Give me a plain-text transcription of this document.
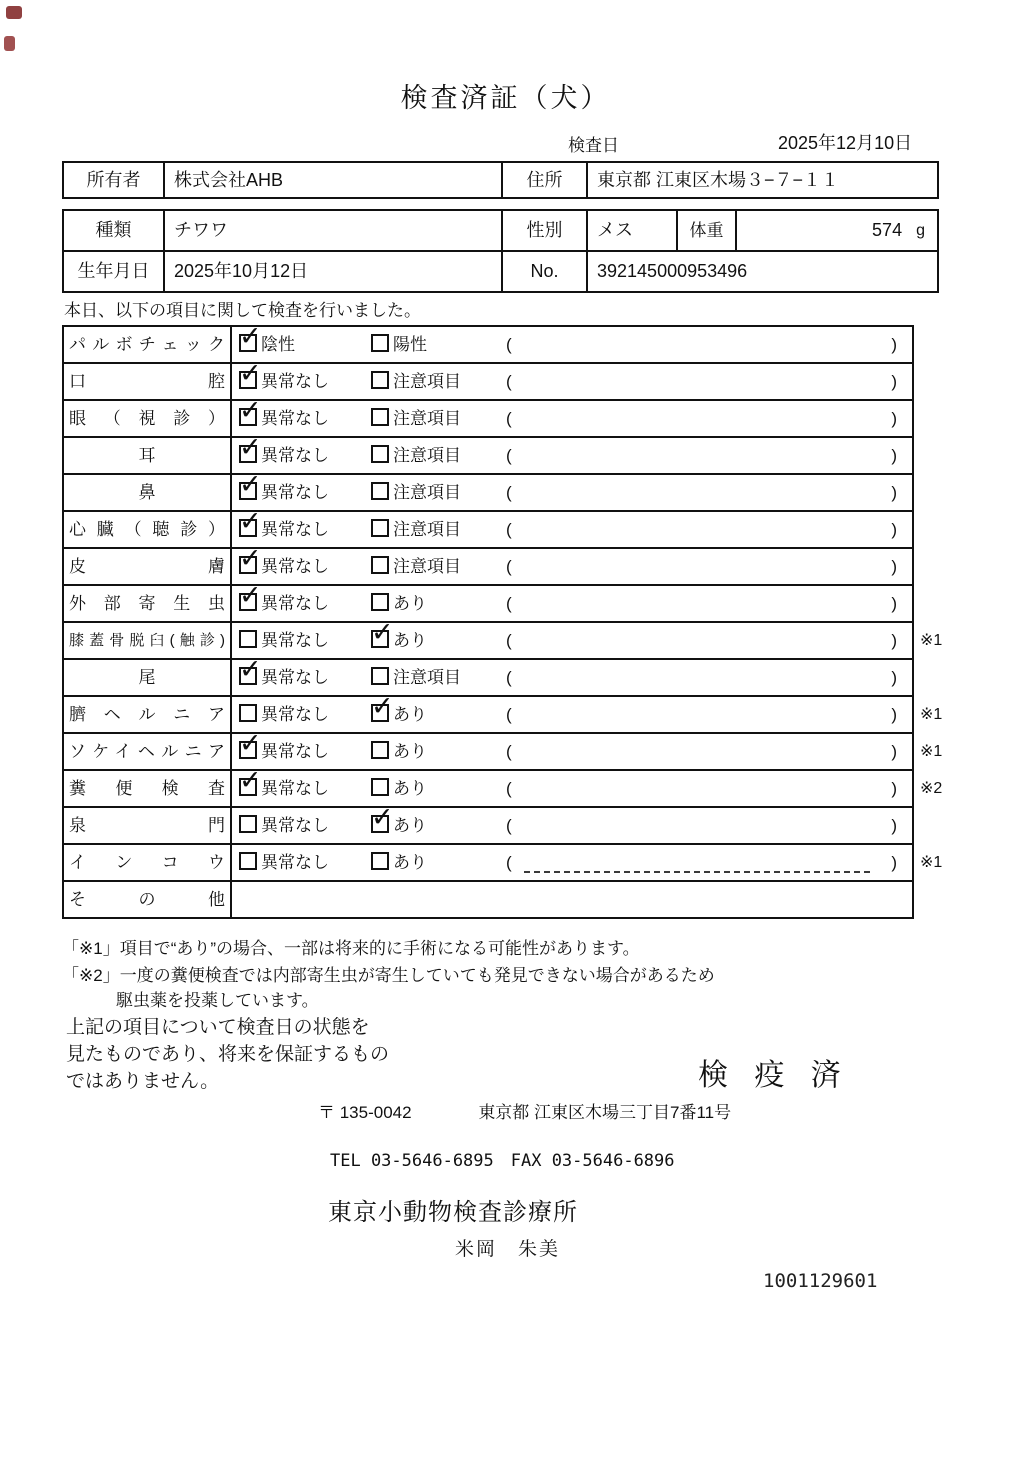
検査済証（犬）
検査日	2025年12月10日
所有者	株式会社AHB	住所	東京都 江東区木場３−７−１１
種類	チワワ	性別	メス	体重	574 g
生年月日	2025年10月12日	No.	392145000953496
本日、以下の項目に関して検査を行いました。
パルボチェック ✓ 陰性	陽性	(	)
口腔 ✓ 異常なし	注意項目	(	)
眼（視診） ✓ 異常なし	注意項目	(	)
耳	✓ 異常なし	注意項目	(	)
鼻	✓ 異常なし	注意項目	(	)
心臓（聴診） ✓ 異常なし	注意項目	(	)
皮膚 ✓ 異常なし	注意項目	(	)
外部寄生虫 ✓ 異常なし	あり	(	)
膝蓋骨脱臼(触診)	異常なし ✓ あり	(	) ※1
尾	✓ 異常なし	注意項目	(	)
臍ヘルニア	異常なし ✓ あり	(	) ※1
ソケイヘルニア ✓ 異常なし	あり	(	) ※1
糞便検査 ✓ 異常なし	あり	(	) ※2
泉門	異常なし ✓ あり	(	)
インコウ	異常なし	あり	(	) ※1
その他
「※1」項目で“あり”の場合、一部は将来的に手術になる可能性があります。
「※2」一度の糞便検査では内部寄生虫が寄生していても発見できない場合があるため
駆虫薬を投薬しています。
上記の項目について検査日の状態を
見たものであり、将来を保証するもの
ではありません。	検 疫 済
〒 135-0042	東京都 江東区木場三丁目7番11号
TEL 03-5646-6895　FAX 03-5646-6896
東京小動物検査診療所
米岡　朱美
1001129601
